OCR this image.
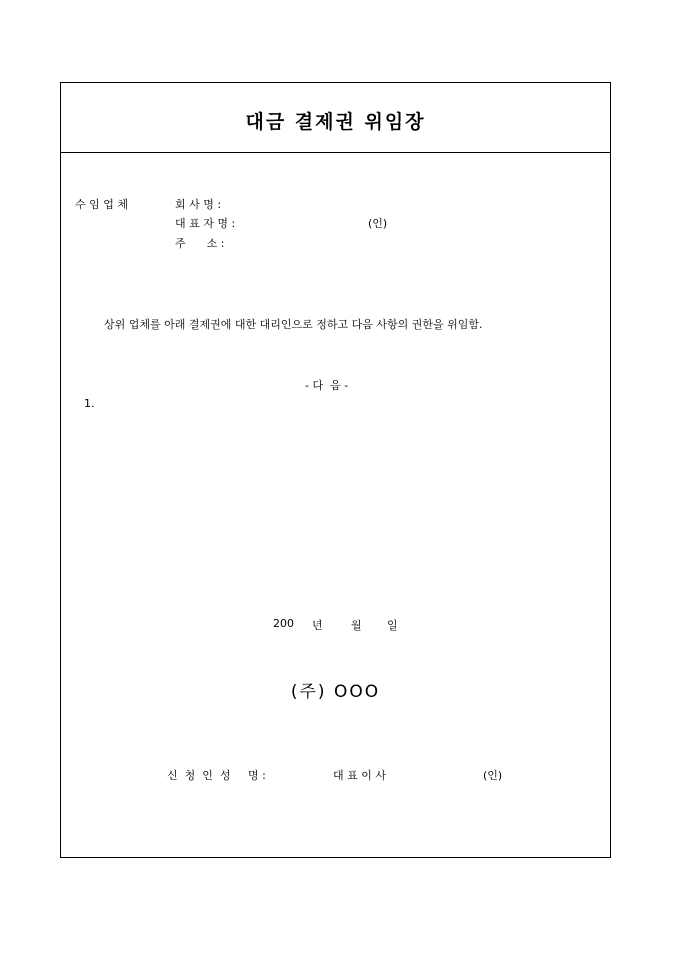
대금 결제권 위임장
수 임 업 체	회 사 명 :
대 표 자 명 :	(인)
주      소 :
상위 업체를 아래 결제권에 대한 대리인으로 정하고 다음 사항의 권한을 위임함.
- 다  음 -
1.
200 년	월 일
(주) OOO
신  청  인  성     명 :	대 표 이 사	(인)
